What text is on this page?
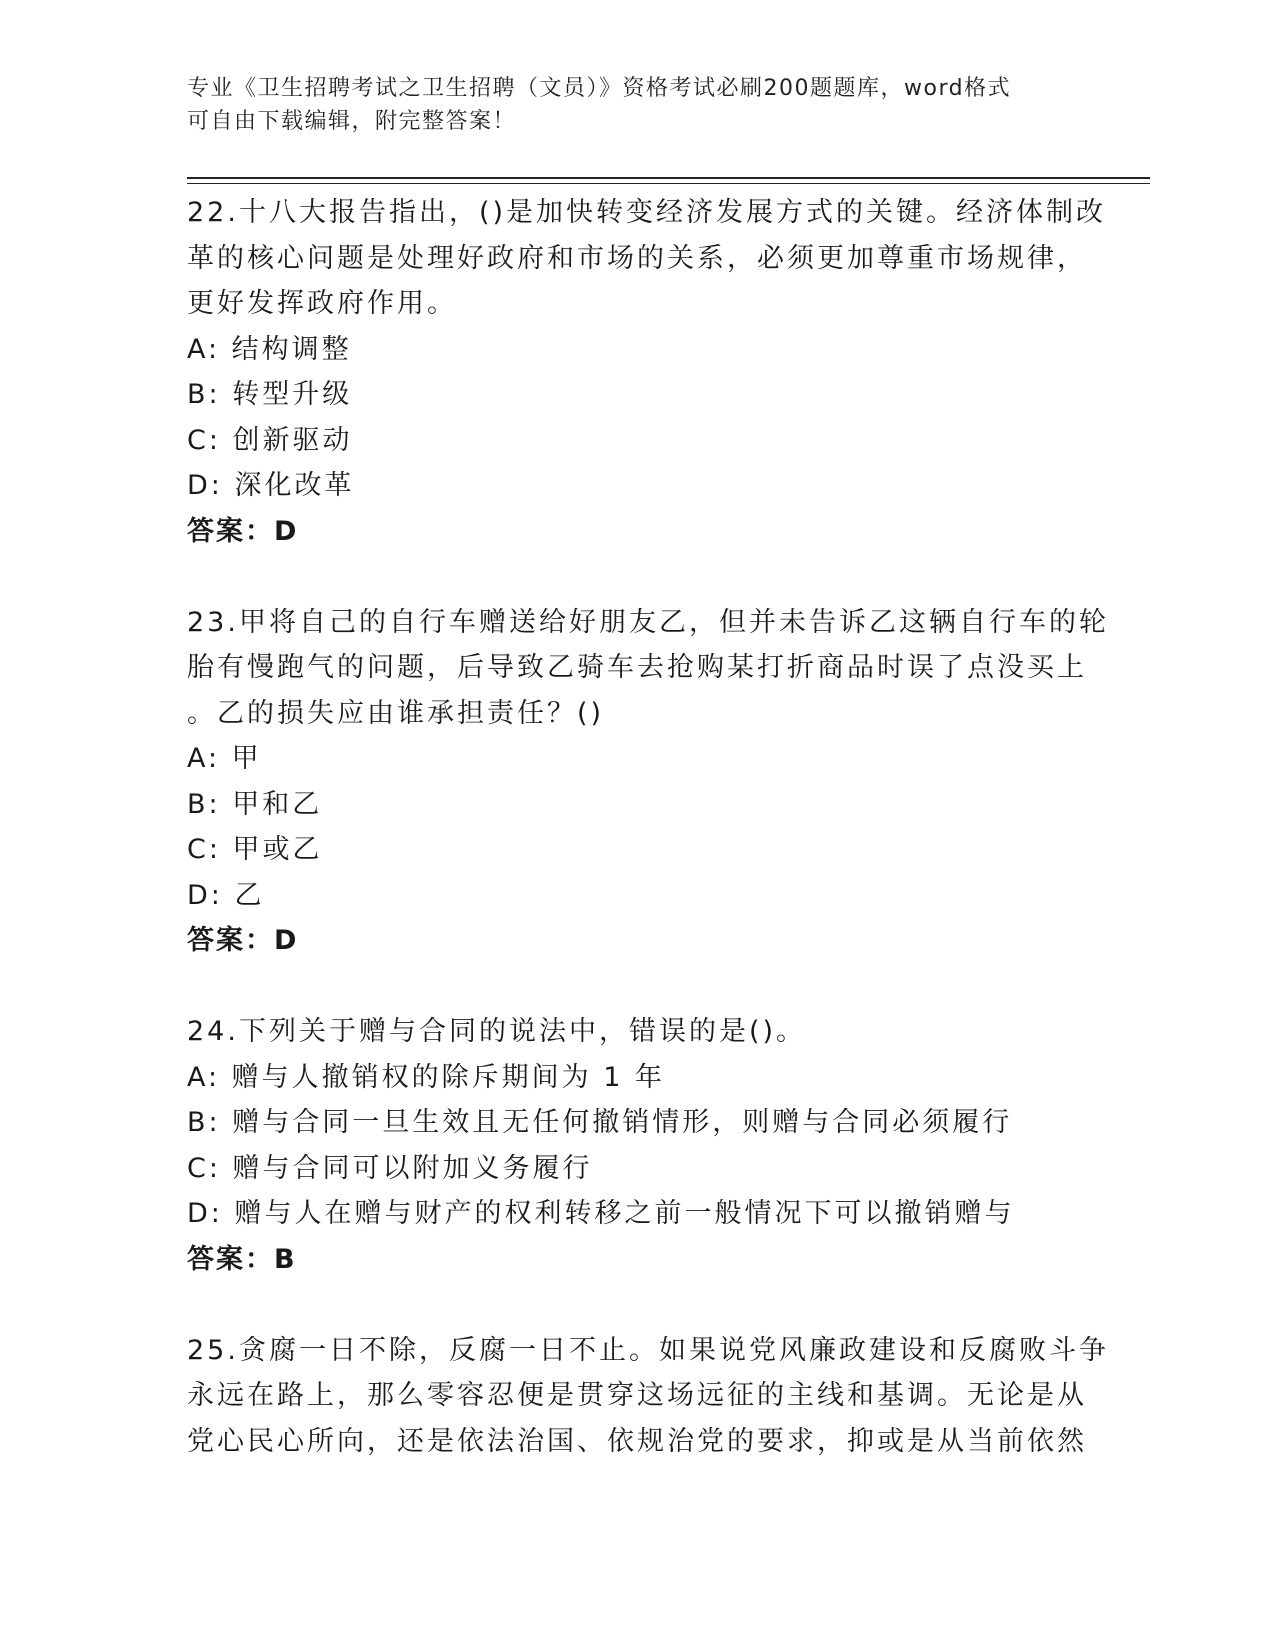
专业《卫生招聘考试之卫生招聘（文员）》资格考试必刷200题题库，word格式
可自由下载编辑，附完整答案！
22.十八大报告指出，()是加快转变经济发展方式的关键。经济体制改
革的核心问题是处理好政府和市场的关系，必须更加尊重市场规律，
更好发挥政府作用。
A: 结构调整
B: 转型升级
C: 创新驱动
D: 深化改革
答案：D
23.甲将自己的自行车赠送给好朋友乙，但并未告诉乙这辆自行车的轮
胎有慢跑气的问题，后导致乙骑车去抢购某打折商品时误了点没买上
。乙的损失应由谁承担责任？()
A: 甲
B: 甲和乙
C: 甲或乙
D: 乙
答案：D
24.下列关于赠与合同的说法中，错误的是()。
A: 赠与人撤销权的除斥期间为 1 年
B: 赠与合同一旦生效且无任何撤销情形，则赠与合同必须履行
C: 赠与合同可以附加义务履行
D: 赠与人在赠与财产的权利转移之前一般情况下可以撤销赠与
答案：B
25.贪腐一日不除，反腐一日不止。如果说党风廉政建设和反腐败斗争
永远在路上，那么零容忍便是贯穿这场远征的主线和基调。无论是从
党心民心所向，还是依法治国、依规治党的要求，抑或是从当前依然
